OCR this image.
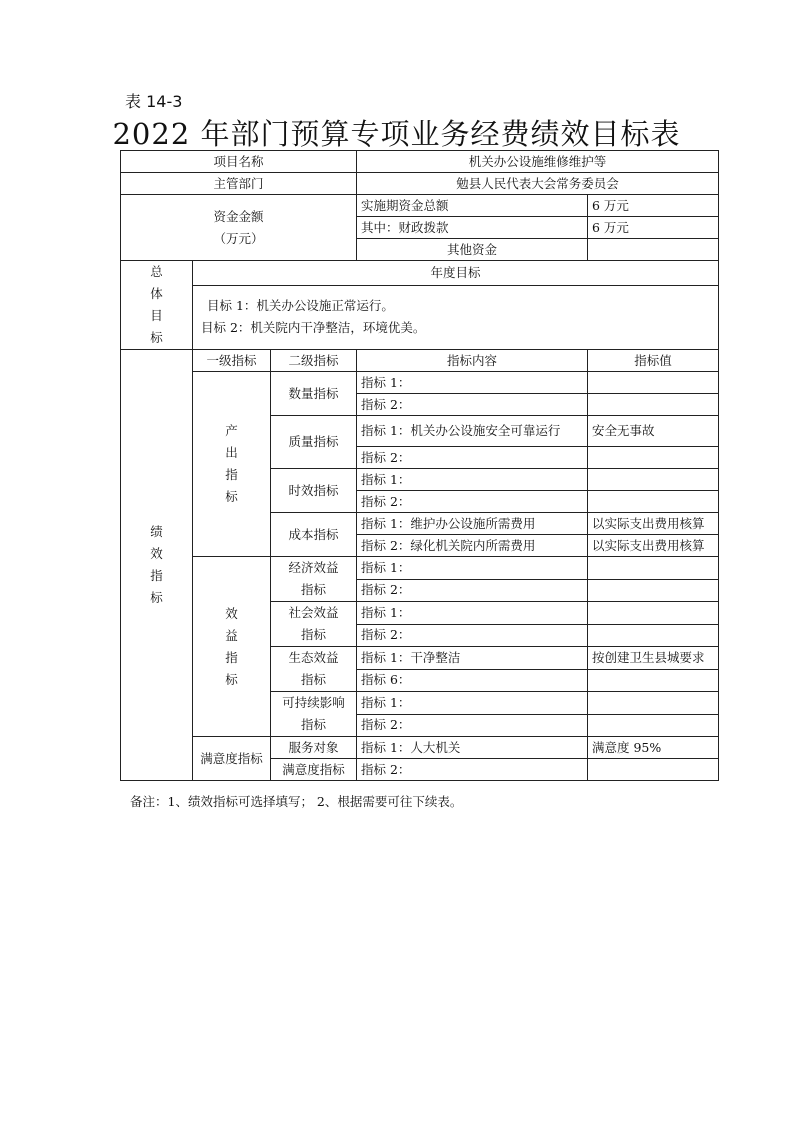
表 14-3
2022 年部门预算专项业务经费绩效目标表
项目名称			机关办公设施维修维护等	
主管部门			勉县人民代表大会常务委员会	
资金金额
（万元）			实施期资金总额	6 万元
			其中：财政拨款	6 万元
			其他资金	

总
体
目
标	年度目标			

	目标 1：机关办公设施正常运行。
目标 2：机关院内干净整洁，环境优美。			

绩
效
指
标	一级指标	二级指标	指标内容	指标值

	产
出
指
标	数量指标	指标 1：	
			指标 2：	
		质量指标	指标 1：机关办公设施安全可靠运行	安全无事故
			指标 2：	
		时效指标	指标 1：	
			指标 2：	
		成本指标	指标 1：维护办公设施所需费用	以实际支出费用核算
			指标 2：绿化机关院内所需费用	以实际支出费用核算

	效
益
指
标	经济效益
指标	指标 1：	
			指标 2：	
		社会效益
指标	指标 1：	
			指标 2：	
		生态效益
指标	指标 1：干净整洁	按创建卫生县城要求
			指标 6：	
		可持续影响
指标	指标 1：	
			指标 2：	
	满意度指标	服务对象	指标 1：人大机关	满意度 95%
		满意度指标	指标 2：	
备注：1、绩效指标可选择填写； 2、根据需要可往下续表。
